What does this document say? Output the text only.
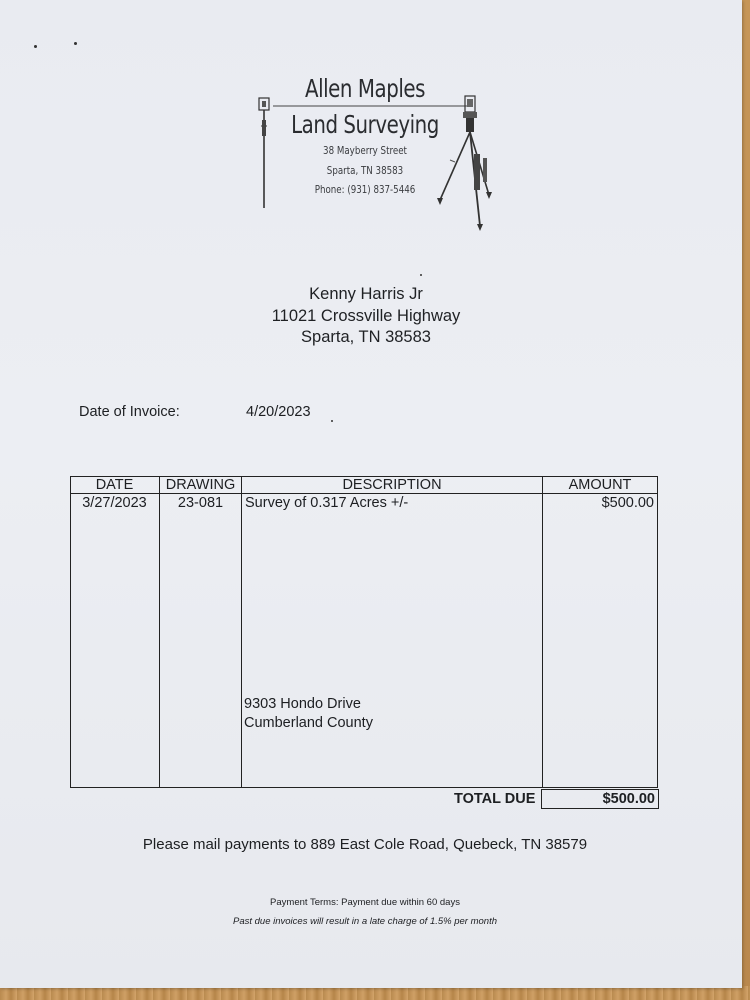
Allen Maples
Land Surveying
38 Mayberry Street
Sparta, TN 38583
Phone: (931) 837-5446
Kenny Harris Jr
11021 Crossville Highway
Sparta, TN 38583
Date of Invoice:	4/20/2023
DATE	DRAWING	DESCRIPTION	AMOUNT
3/27/2023	23-081	Survey of 0.317 Acres +/-	$500.00
9303 Hondo Drive
Cumberland County
TOTAL DUE	$500.00
Please mail payments to 889 East Cole Road, Quebeck, TN 38579
Payment Terms: Payment due within 60 days
Past due invoices will result in a late charge of 1.5% per month
